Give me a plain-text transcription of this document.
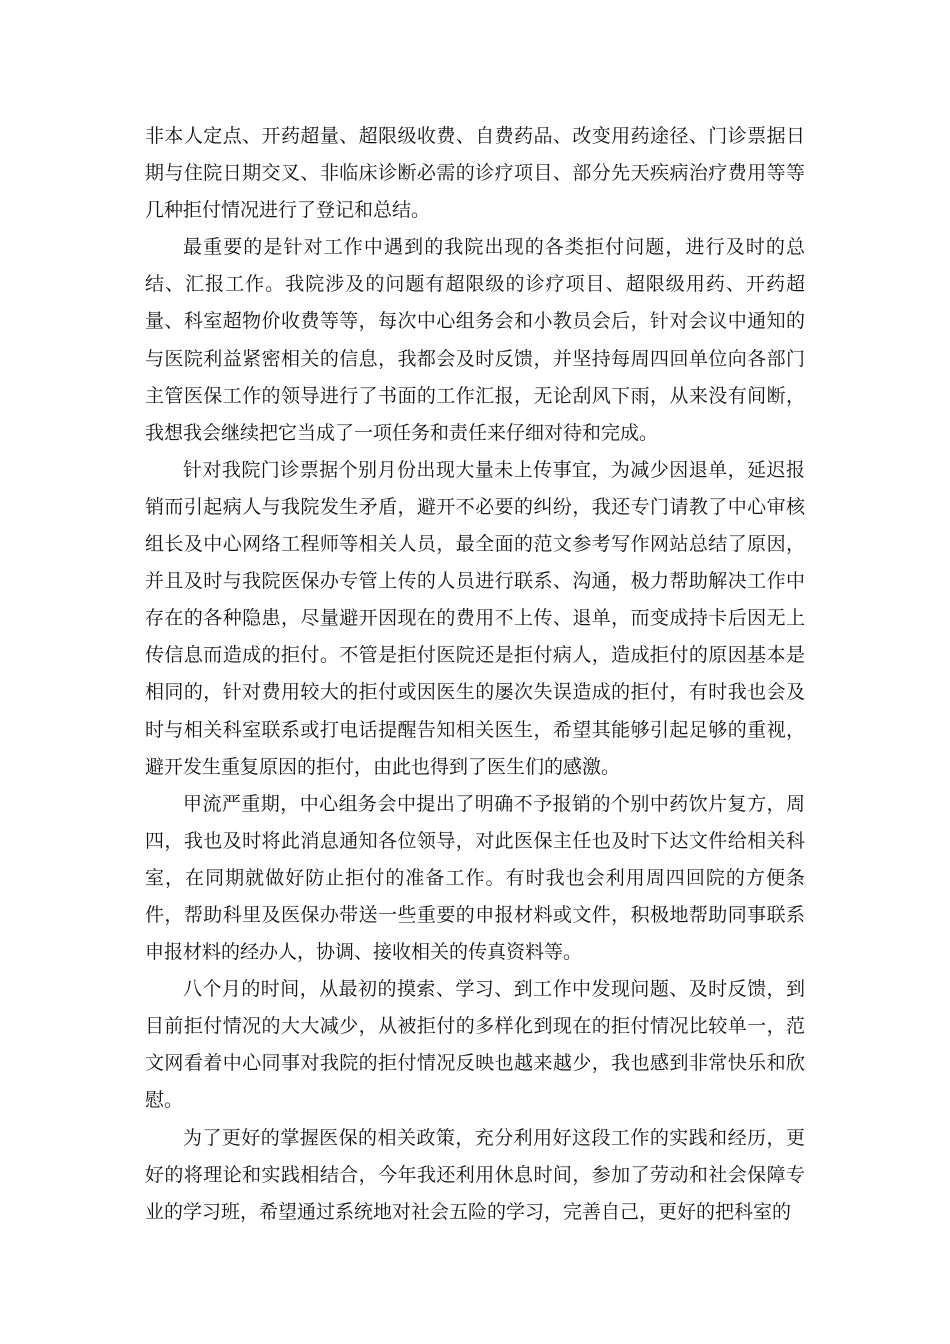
非本人定点、开药超量、超限级收费、自费药品、改变用药途径、门诊票据日期与住院日期交叉、非临床诊断必需的诊疗项目、部分先天疾病治疗费用等等几种拒付情况进行了登记和总结。

最重要的是针对工作中遇到的我院出现的各类拒付问题，进行及时的总结、汇报工作。我院涉及的问题有超限级的诊疗项目、超限级用药、开药超量、科室超物价收费等等，每次中心组务会和小教员会后，针对会议中通知的与医院利益紧密相关的信息，我都会及时反馈，并坚持每周四回单位向各部门主管医保工作的领导进行了书面的工作汇报，无论刮风下雨，从来没有间断，我想我会继续把它当成了一项任务和责任来仔细对待和完成。

针对我院门诊票据个别月份出现大量未上传事宜，为减少因退单，延迟报销而引起病人与我院发生矛盾，避开不必要的纠纷，我还专门请教了中心审核组长及中心网络工程师等相关人员，最全面的范文参考写作网站总结了原因，并且及时与我院医保办专管上传的人员进行联系、沟通，极力帮助解决工作中存在的各种隐患，尽量避开因现在的费用不上传、退单，而变成持卡后因无上传信息而造成的拒付。不管是拒付医院还是拒付病人，造成拒付的原因基本是相同的，针对费用较大的拒付或因医生的屡次失误造成的拒付，有时我也会及时与相关科室联系或打电话提醒告知相关医生，希望其能够引起足够的重视，避开发生重复原因的拒付，由此也得到了医生们的感激。

甲流严重期，中心组务会中提出了明确不予报销的个别中药饮片复方，周四，我也及时将此消息通知各位领导，对此医保主任也及时下达文件给相关科室，在同期就做好防止拒付的准备工作。有时我也会利用周四回院的方便条件，帮助科里及医保办带送一些重要的申报材料或文件，积极地帮助同事联系申报材料的经办人，协调、接收相关的传真资料等。

八个月的时间，从最初的摸索、学习、到工作中发现问题、及时反馈，到目前拒付情况的大大减少，从被拒付的多样化到现在的拒付情况比较单一，范文网看着中心同事对我院的拒付情况反映也越来越少，我也感到非常快乐和欣慰。

为了更好的掌握医保的相关政策，充分利用好这段工作的实践和经历，更好的将理论和实践相结合，今年我还利用休息时间，参加了劳动和社会保障专业的学习班，希望通过系统地对社会五险的学习，完善自己，更好的把科室的
